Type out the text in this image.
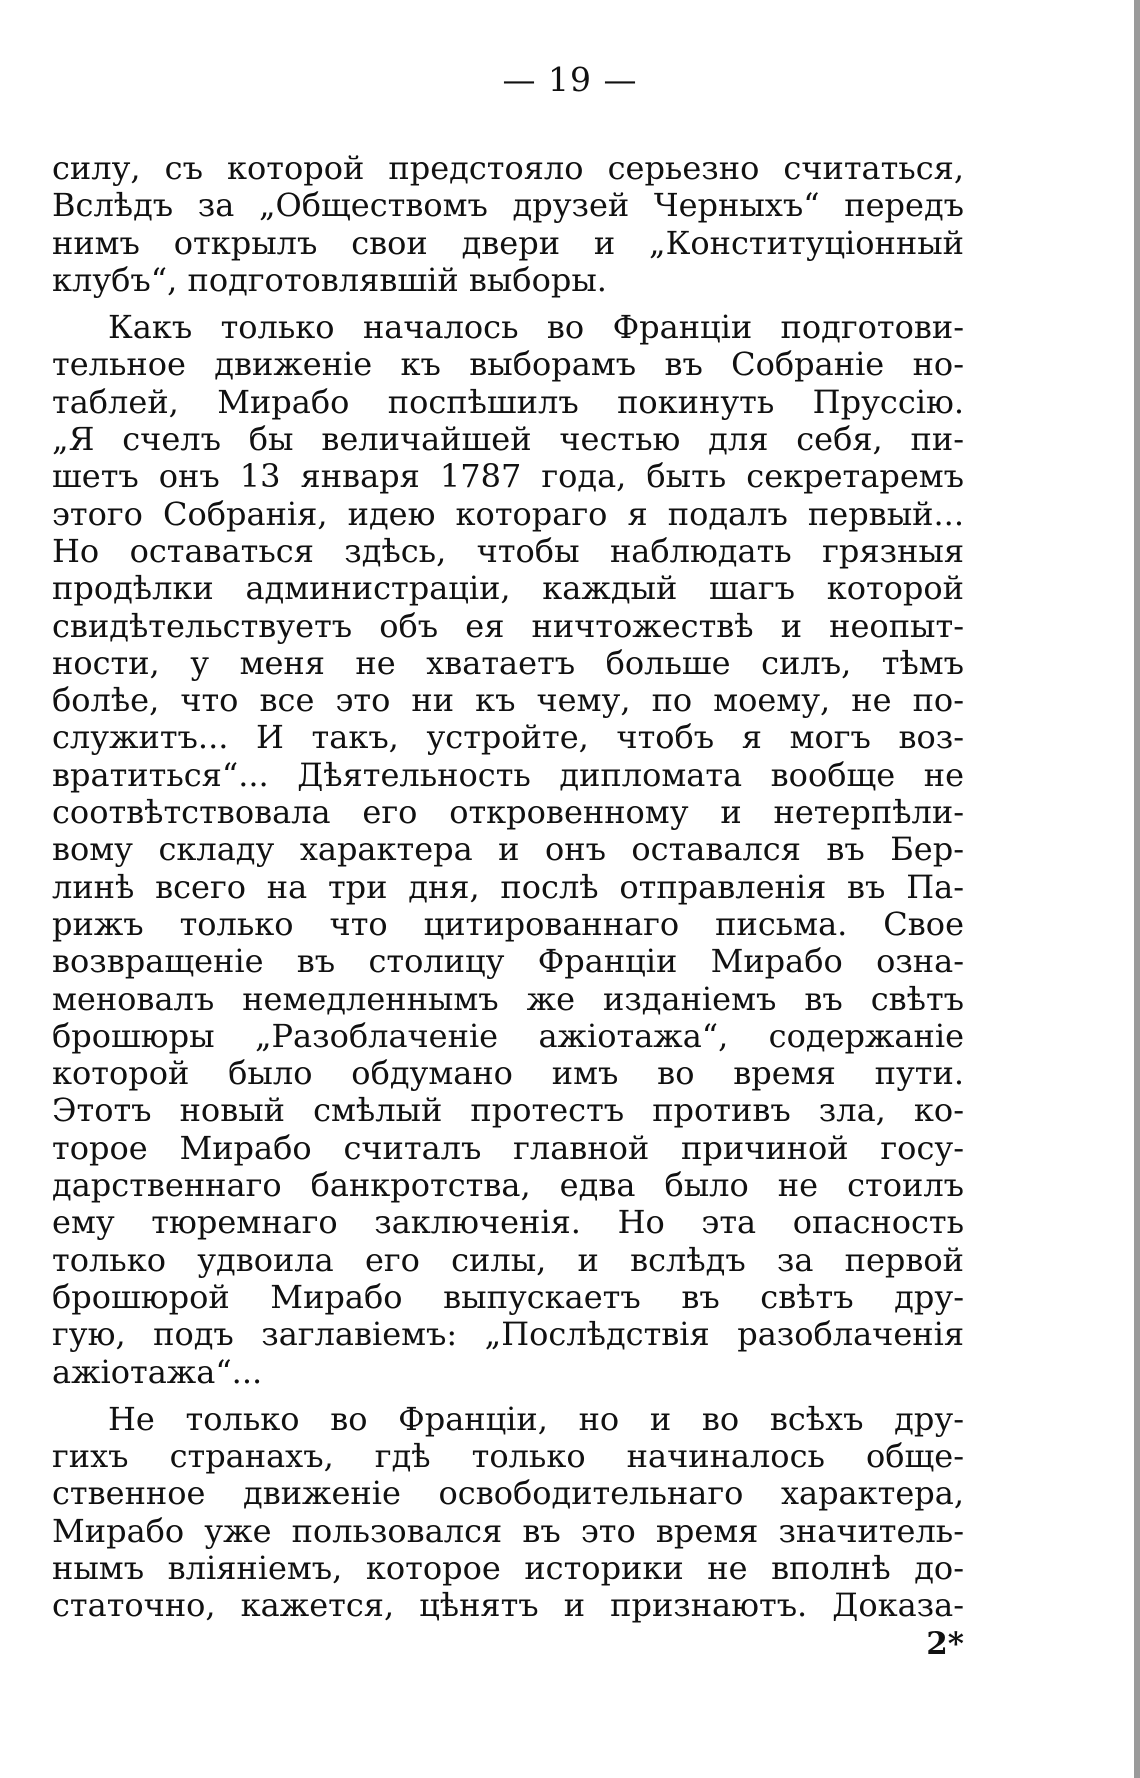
— 19 —
силу, съ которой предстояло серьезно считаться,
Вслѣдъ за „Обществомъ друзей Черныхъ“ передъ
нимъ открылъ свои двери и „Конституціонный
клубъ“, подготовлявшій выборы.
Какъ только началось во Франціи подготови-
тельное движеніе къ выборамъ въ Собраніе но-
таблей, Мирабо поспѣшилъ покинуть Пруссію.
„Я счелъ бы величайшей честью для себя, пи-
шетъ онъ 13 января 1787 года, быть секретаремъ
этого Собранія, идею котораго я подалъ первый...
Но оставаться здѣсь, чтобы наблюдать грязныя
продѣлки администраціи, каждый шагъ которой
свидѣтельствуетъ объ ея ничтожествѣ и неопыт-
ности, у меня не хватаетъ больше силъ, тѣмъ
болѣе, что все это ни къ чему, по моему, не по-
служитъ... И такъ, устройте, чтобъ я могъ воз-
вратиться“... Дѣятельность дипломата вообще не
соотвѣтствовала его откровенному и нетерпѣли-
вому складу характера и онъ оставался въ Бер-
линѣ всего на три дня, послѣ отправленія въ Па-
рижъ только что цитированнаго письма. Свое
возвращеніе въ столицу Франціи Мирабо озна-
меновалъ немедленнымъ же изданіемъ въ свѣтъ
брошюры „Разоблаченіе ажіотажа“, содержаніе
которой было обдумано имъ во время пути.
Этотъ новый смѣлый протестъ противъ зла, ко-
торое Мирабо считалъ главной причиной госу-
дарственнаго банкротства, едва было не стоилъ
ему тюремнаго заключенія. Но эта опасность
только удвоила его силы, и вслѣдъ за первой
брошюрой Мирабо выпускаетъ въ свѣтъ дру-
гую, подъ заглавіемъ: „Послѣдствія разоблаченія
ажіотажа“...
Не только во Франціи, но и во всѣхъ дру-
гихъ странахъ, гдѣ только начиналось обще-
ственное движеніе освободительнаго характера,
Мирабо уже пользовался въ это время значитель-
нымъ вліяніемъ, которое историки не вполнѣ до-
статочно, кажется, цѣнятъ и признаютъ. Доказа-
2*
